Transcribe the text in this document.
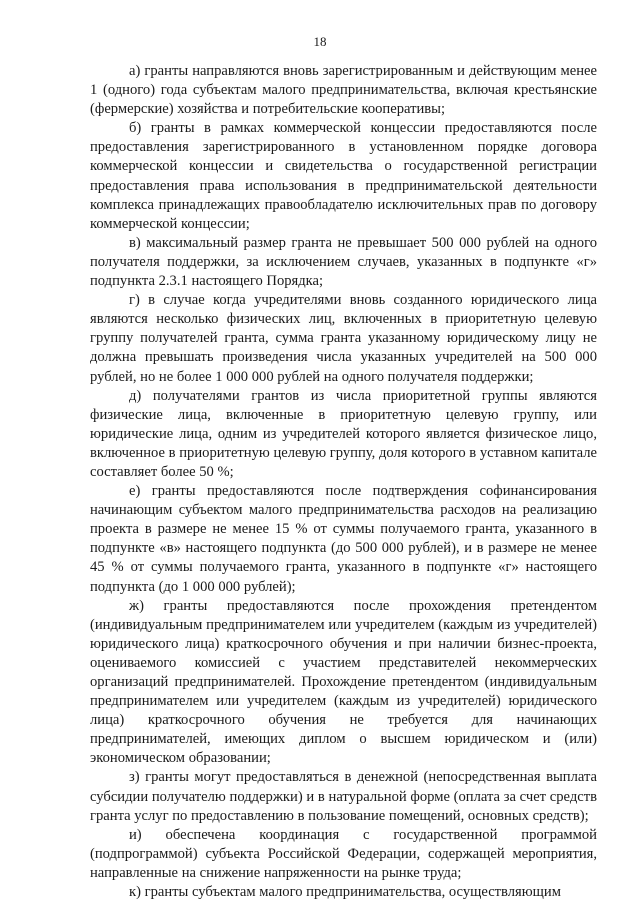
18

а) гранты направляются вновь зарегистрированным и действующим менее 1 (одного) года субъектам малого предпринимательства, включая крестьянские (фермерские) хозяйства и потребительские кооперативы;

б) гранты в рамках коммерческой концессии предоставляются после предоставления зарегистрированного в установленном порядке договора коммерческой концессии и свидетельства о государственной регистрации предоставления права использования в предпринимательской деятельности комплекса принадлежащих правообладателю исключительных прав по договору коммерческой концессии;

в) максимальный размер гранта не превышает 500 000 рублей на одного получателя поддержки, за исключением случаев, указанных в подпункте «г» подпункта 2.3.1 настоящего Порядка;

г) в случае когда учредителями вновь созданного юридического лица являются несколько физических лиц, включенных в приоритетную целевую группу получателей гранта, сумма гранта указанному юридическому лицу не должна превышать произведения числа указанных учредителей на 500 000 рублей, но не более 1 000 000 рублей на одного получателя поддержки;

д) получателями грантов из числа приоритетной группы являются физические лица, включенные в приоритетную целевую группу, или юридические лица, одним из учредителей которого является физическое лицо, включенное в приоритетную целевую группу, доля которого в уставном капитале составляет более 50 %;

е) гранты предоставляются после подтверждения софинансирования начинающим субъектом малого предпринимательства расходов на реализацию проекта в размере не менее 15 % от суммы получаемого гранта, указанного в подпункте «в» настоящего подпункта (до 500 000 рублей), и в размере не менее 45 % от суммы получаемого гранта, указанного в подпункте «г» настоящего подпункта (до 1 000 000 рублей);

ж) гранты предоставляются после прохождения претендентом (индивидуальным предпринимателем или учредителем (каждым из учредителей) юридического лица) краткосрочного обучения и при наличии бизнес-проекта, оцениваемого комиссией с участием представителей некоммерческих организаций предпринимателей. Прохождение претендентом (индивидуальным предпринимателем или учредителем (каждым из учредителей) юридического лица) краткосрочного обучения не требуется для начинающих предпринимателей, имеющих диплом о высшем юридическом и (или) экономическом образовании;

з) гранты могут предоставляться в денежной (непосредственная выплата субсидии получателю поддержки) и в натуральной форме (оплата за счет средств гранта услуг по предоставлению в пользование помещений, основных средств);

и) обеспечена координация с государственной программой (подпрограммой) субъекта Российской Федерации, содержащей мероприятия, направленные на снижение напряженности на рынке труда;

к) гранты субъектам малого предпринимательства, осуществляющим
